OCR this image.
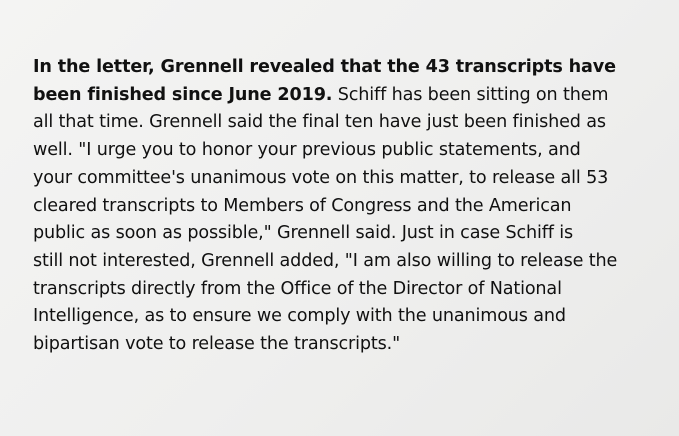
In the letter, Grennell revealed that the 43 transcripts have
been finished since June 2019. Schiff has been sitting on them
all that time. Grennell said the final ten have just been finished as
well. "I urge you to honor your previous public statements, and
your committee's unanimous vote on this matter, to release all 53
cleared transcripts to Members of Congress and the American
public as soon as possible," Grennell said. Just in case Schiff is
still not interested, Grennell added, "I am also willing to release the
transcripts directly from the Office of the Director of National
Intelligence, as to ensure we comply with the unanimous and
bipartisan vote to release the transcripts."
